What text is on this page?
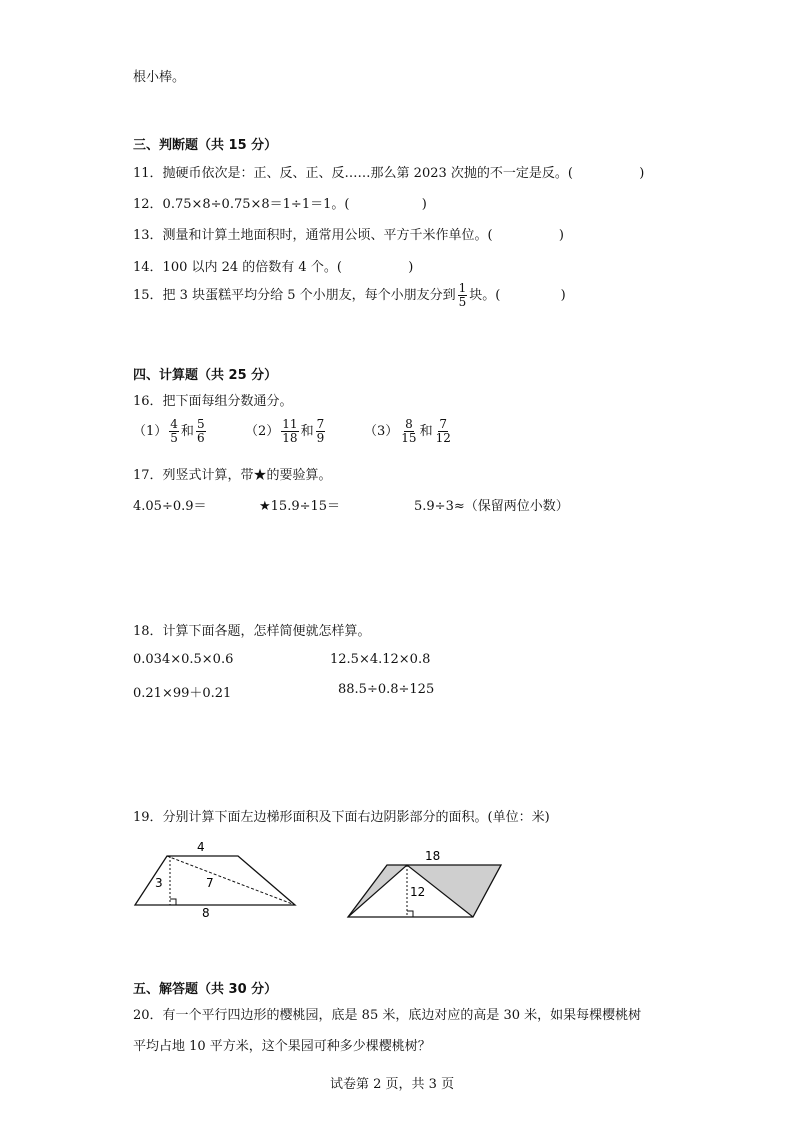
根小棒。
三、判断题（共 15 分）
11．抛硬币依次是：正、反、正、反……那么第 2023 次抛的不一定是反。(	)
12．0.75×8÷0.75×8＝1÷1＝1。(	)
13．测量和计算土地面积时，通常用公顷、平方千米作单位。(	)
14．100 以内 24 的倍数有 4 个。(	)
15．把 3 块蛋糕平均分给 5 个小朋友，每个小朋友分到 $\frac{1}{5}$ 块。(	)
四、计算题（共 25 分）
16．把下面每组分数通分。
$(1) \frac{4}{5}$ 和 $\frac{5}{6}$	$(2) \frac{11}{18}$ 和 $\frac{7}{9}$	$(3) \frac{8}{15}$ 和 $\frac{7}{12}$
17．列竖式计算，带★的要验算。
4.05÷0.9＝	★15.9÷15＝	5.9÷3≈（保留两位小数）
18．计算下面各题，怎样简便就怎样算。
0.034×0.5×0.6	12.5×4.12×0.8
0.21×99＋0.21	88.5÷0.8÷125
19．分别计算下面左边梯形面积及下面右边阴影部分的面积。(单位：米)
4
3	7
8
18
12
五、解答题（共 30 分）
20．有一个平行四边形的樱桃园，底是 85 米，底边对应的高是 30 米，如果每棵樱桃树
平均占地 10 平方米，这个果园可种多少棵樱桃树？
试卷第 2 页，共 3 页
